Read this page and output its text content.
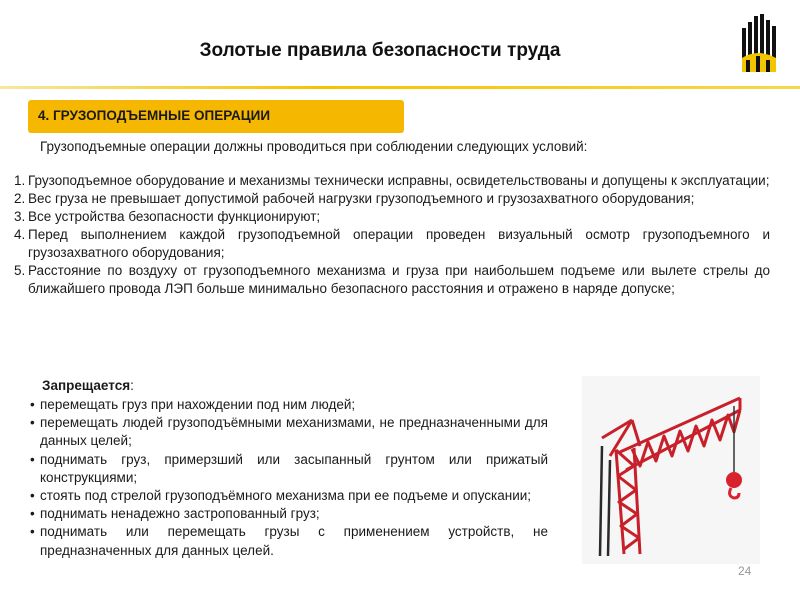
Золотые правила безопасности труда
4. ГРУЗОПОДЪЕМНЫЕ ОПЕРАЦИИ
Грузоподъемные операции должны проводиться при соблюдении следующих условий:
1. Грузоподъемное оборудование и механизмы технически исправны, освидетельствованы и допущены к эксплуатации;
2. Вес груза не превышает допустимой рабочей нагрузки грузоподъемного и грузозахватного оборудования;
3. Все устройства безопасности функционируют;
4. Перед выполнением каждой грузоподъемной операции проведен визуальный осмотр грузоподъемного и грузозахватного оборудования;
5. Расстояние по воздуху от грузоподъемного механизма и груза при наибольшем подъеме или вылете стрелы до ближайшего провода ЛЭП больше минимально безопасного расстояния и отражено в наряде допуске;
Запрещается:
• перемещать груз при нахождении под ним людей;
• перемещать людей грузоподъёмными механизмами, не предназначенными для данных целей;
• поднимать груз, примерзший или засыпанный грунтом или прижатый конструкциями;
• стоять под стрелой грузоподъёмного механизма при ее подъеме и опускании;
• поднимать ненадежно застропованный груз;
• поднимать или перемещать грузы с применением устройств, не предназначенных для данных целей.
24
